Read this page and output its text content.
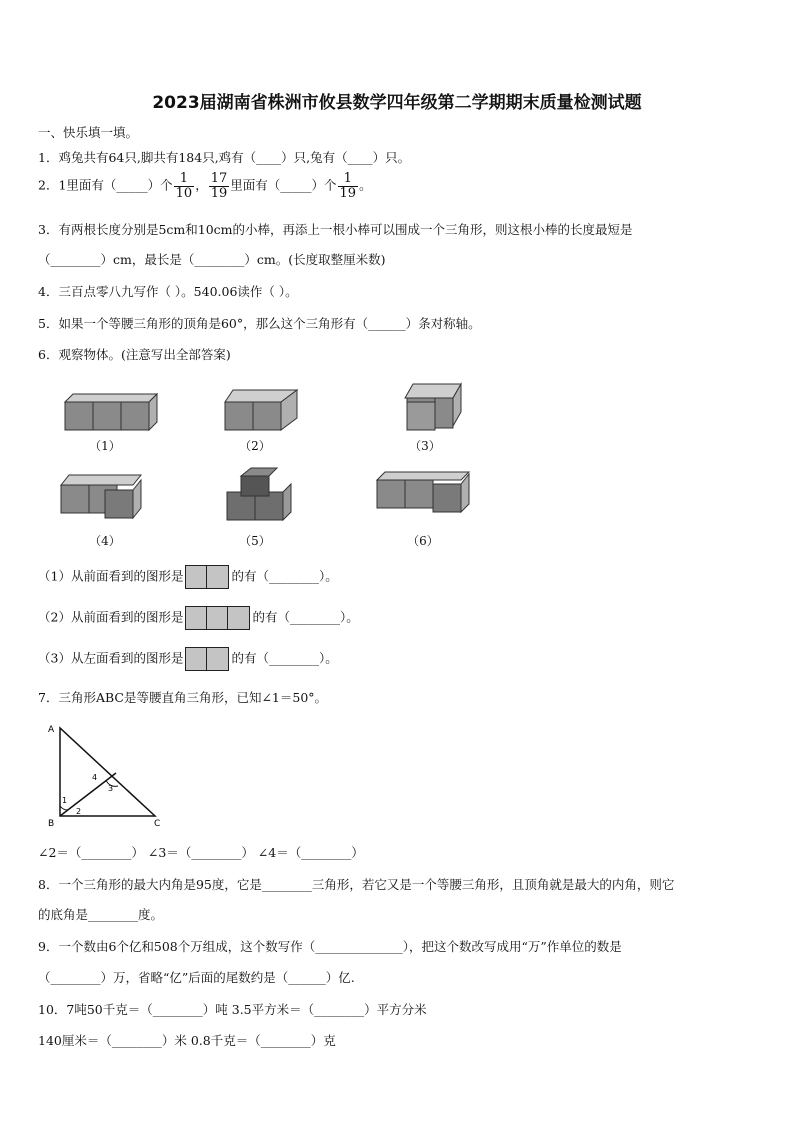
2023届湖南省株洲市攸县数学四年级第二学期期末质量检测试题
一、快乐填一填。
1．鸡兔共有64只,脚共有184只,鸡有（____）只,兔有（____）只。
2．1里面有（_____）个 $\frac{1}{10}$ ， $\frac{17}{19}$ 里面有（_____）个 $\frac{1}{19}$ 。
3．有两根长度分别是5cm和10cm的小棒，再添上一根小棒可以围成一个三角形，则这根小棒的长度最短是
（________）cm，最长是（________）cm。(长度取整厘米数)
4．三百点零八九写作（ ）。540.06读作（ ）。
5．如果一个等腰三角形的顶角是60°，那么这个三角形有（______）条对称轴。
6．观察物体。(注意写出全部答案)
（1）	（2）	（3）
（4）	（5）	（6）
（1）从前面看到的图形是	的有（________）。
（2）从前面看到的图形是	的有（________）。
（3）从左面看到的图形是	的有（________）。
7．三角形ABC是等腰直角三角形，已知∠1＝50°。
A
B	C
1
2
3
4
∠2＝（________） ∠3＝（________） ∠4＝（________）
8．一个三角形的最大内角是95度，它是________三角形，若它又是一个等腰三角形，且顶角就是最大的内角，则它
的底角是________度。
9．一个数由6个亿和508个万组成，这个数写作（______________），把这个数改写成用“万”作单位的数是
（________）万，省略“亿”后面的尾数约是（______）亿.
10．7吨50千克＝（________）吨 3.5平方米＝（________）平方分米
140厘米＝（________）米 0.8千克＝（________）克
